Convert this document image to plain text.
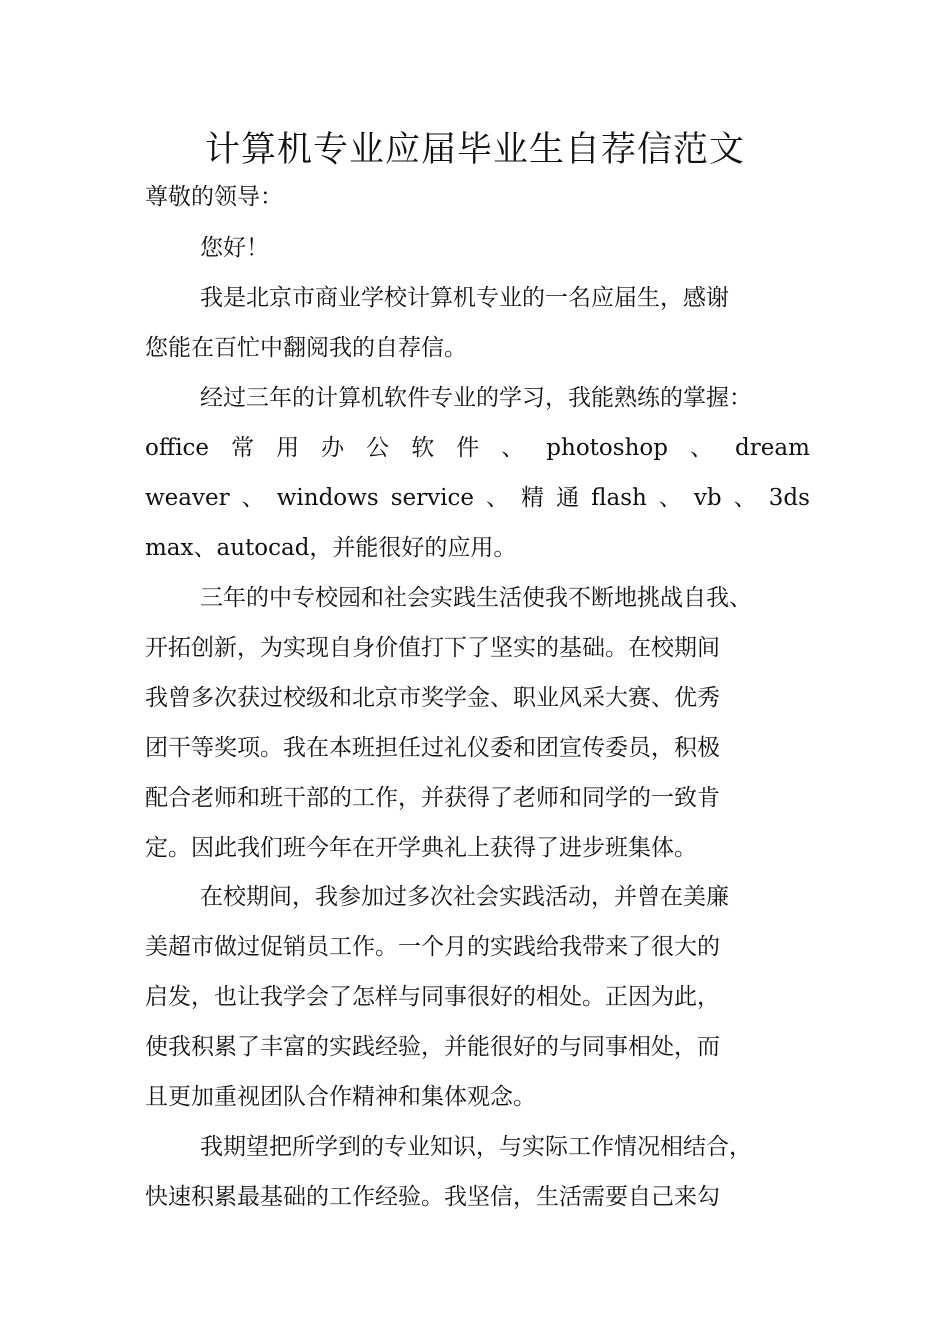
计算机专业应届毕业生自荐信范文

尊敬的领导：

您好！

我是北京市商业学校计算机专业的一名应届生，感谢

您能在百忙中翻阅我的自荐信。

经过三年的计算机软件专业的学习，我能熟练的掌握：

office 常 用 办 公 软 件 、 photoshop 、 dream
weaver 、 windows service 、 精 通 flash 、 vb 、 3ds

max、autocad，并能很好的应用。

三年的中专校园和社会实践生活使我不断地挑战自我、

开拓创新，为实现自身价值打下了坚实的基础。在校期间

我曾多次获过校级和北京市奖学金、职业风采大赛、优秀

团干等奖项。我在本班担任过礼仪委和团宣传委员，积极

配合老师和班干部的工作，并获得了老师和同学的一致肯

定。因此我们班今年在开学典礼上获得了进步班集体。

在校期间，我参加过多次社会实践活动，并曾在美廉

美超市做过促销员工作。一个月的实践给我带来了很大的

启发，也让我学会了怎样与同事很好的相处。正因为此，

使我积累了丰富的实践经验，并能很好的与同事相处，而

且更加重视团队合作精神和集体观念。

我期望把所学到的专业知识，与实际工作情况相结合，

快速积累最基础的工作经验。我坚信，生活需要自己来勾
